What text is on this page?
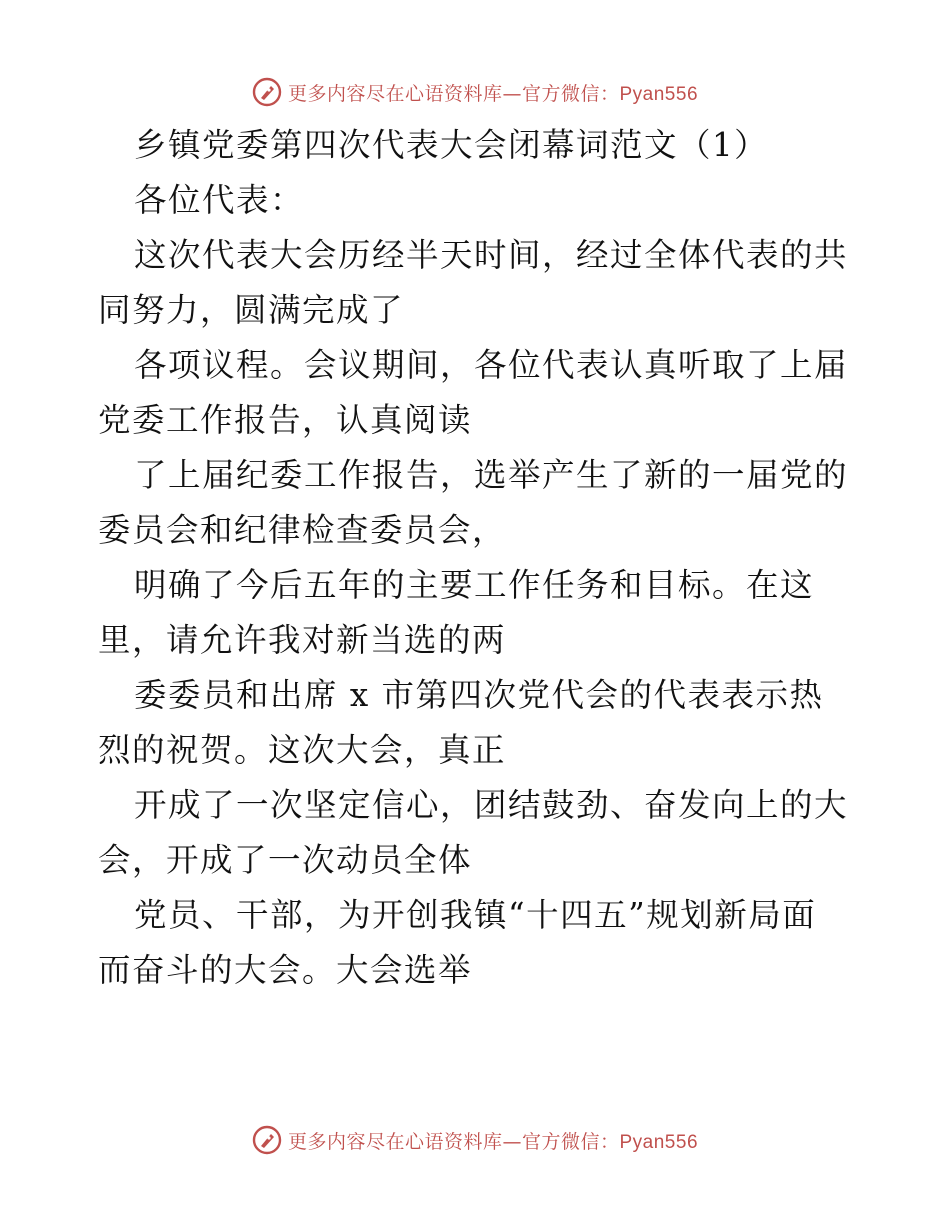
更多内容尽在心语资料库—官方微信：Pyan556
乡镇党委第四次代表大会闭幕词范文（1）
各位代表：
这次代表大会历经半天时间，经过全体代表的共
同努力，圆满完成了
各项议程。会议期间，各位代表认真听取了上届
党委工作报告，认真阅读
了上届纪委工作报告，选举产生了新的一届党的
委员会和纪律检查委员会，
明确了今后五年的主要工作任务和目标。在这
里，请允许我对新当选的两
委委员和出席 x 市第四次党代会的代表表示热
烈的祝贺。这次大会，真正
开成了一次坚定信心，团结鼓劲、奋发向上的大
会，开成了一次动员全体
党员、干部，为开创我镇“十四五”规划新局面
而奋斗的大会。大会选举
更多内容尽在心语资料库—官方微信：Pyan556
